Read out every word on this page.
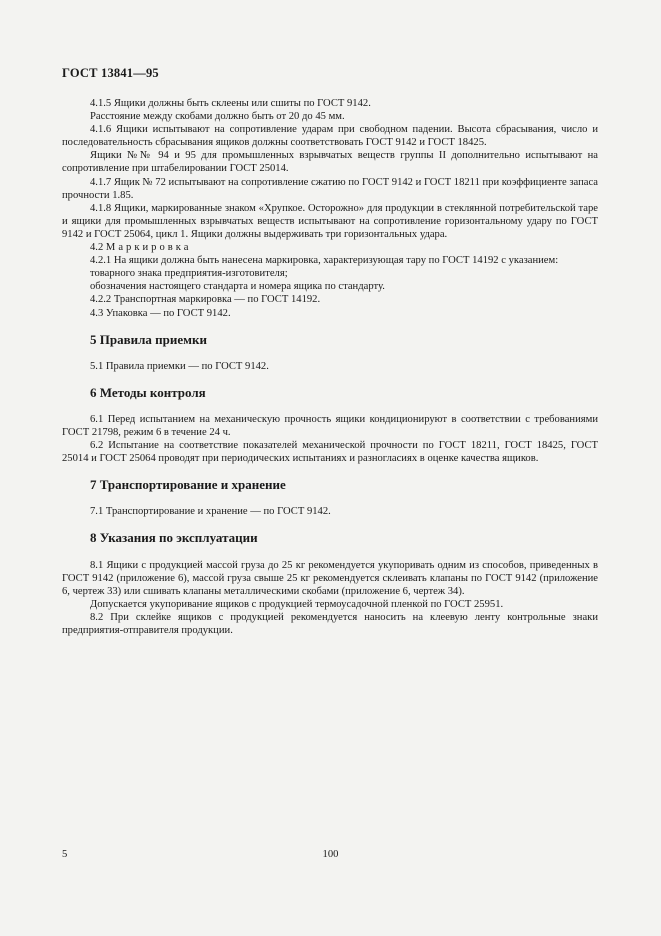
ГОСТ 13841—95

4.1.5 Ящики должны быть склеены или сшиты по ГОСТ 9142.

Расстояние между скобами должно быть от 20 до 45 мм.

4.1.6 Ящики испытывают на сопротивление ударам при свободном падении. Высота сбрасывания, число и последовательность сбрасывания ящиков должны соответствовать ГОСТ 9142 и ГОСТ 18425.

Ящики №№ 94 и 95 для промышленных взрывчатых веществ группы II дополнительно испытывают на сопротивление при штабелировании ГОСТ 25014.

4.1.7 Ящик № 72 испытывают на сопротивление сжатию по ГОСТ 9142 и ГОСТ 18211 при коэффициенте запаса прочности 1.85.

4.1.8 Ящики, маркированные знаком «Хрупкое. Осторожно» для продукции в стеклянной потребительской таре и ящики для промышленных взрывчатых веществ испытывают на сопротивление горизонтальному удару по ГОСТ 9142 и ГОСТ 25064, цикл 1. Ящики должны выдерживать три горизонтальных удара.

4.2 Маркировка

4.2.1 На ящики должна быть нанесена маркировка, характеризующая тару по ГОСТ 14192 с указанием:

товарного знака предприятия-изготовителя;

обозначения настоящего стандарта и номера ящика по стандарту.

4.2.2 Транспортная маркировка — по ГОСТ 14192.

4.3 Упаковка — по ГОСТ 9142.

5 Правила приемки

5.1 Правила приемки — по ГОСТ 9142.

6 Методы контроля

6.1 Перед испытанием на механическую прочность ящики кондиционируют в соответствии с требованиями ГОСТ 21798, режим 6 в течение 24 ч.

6.2 Испытание на соответствие показателей механической прочности по ГОСТ 18211, ГОСТ 18425, ГОСТ 25014 и ГОСТ 25064 проводят при периодических испытаниях и разногласиях в оценке качества ящиков.

7 Транспортирование и хранение

7.1 Транспортирование и хранение — по ГОСТ 9142.

8 Указания по эксплуатации

8.1 Ящики с продукцией массой груза до 25 кг рекомендуется укупоривать одним из способов, приведенных в ГОСТ 9142 (приложение 6), массой груза свыше 25 кг рекомендуется склеивать клапаны по ГОСТ 9142 (приложение 6, чертеж 33) или сшивать клапаны металлическими скобами (приложение 6, чертеж 34).

Допускается укупоривание ящиков с продукцией термоусадочной пленкой по ГОСТ 25951.

8.2 При склейке ящиков с продукцией рекомендуется наносить на клеевую ленту контрольные знаки предприятия-отправителя продукции.

5	100
